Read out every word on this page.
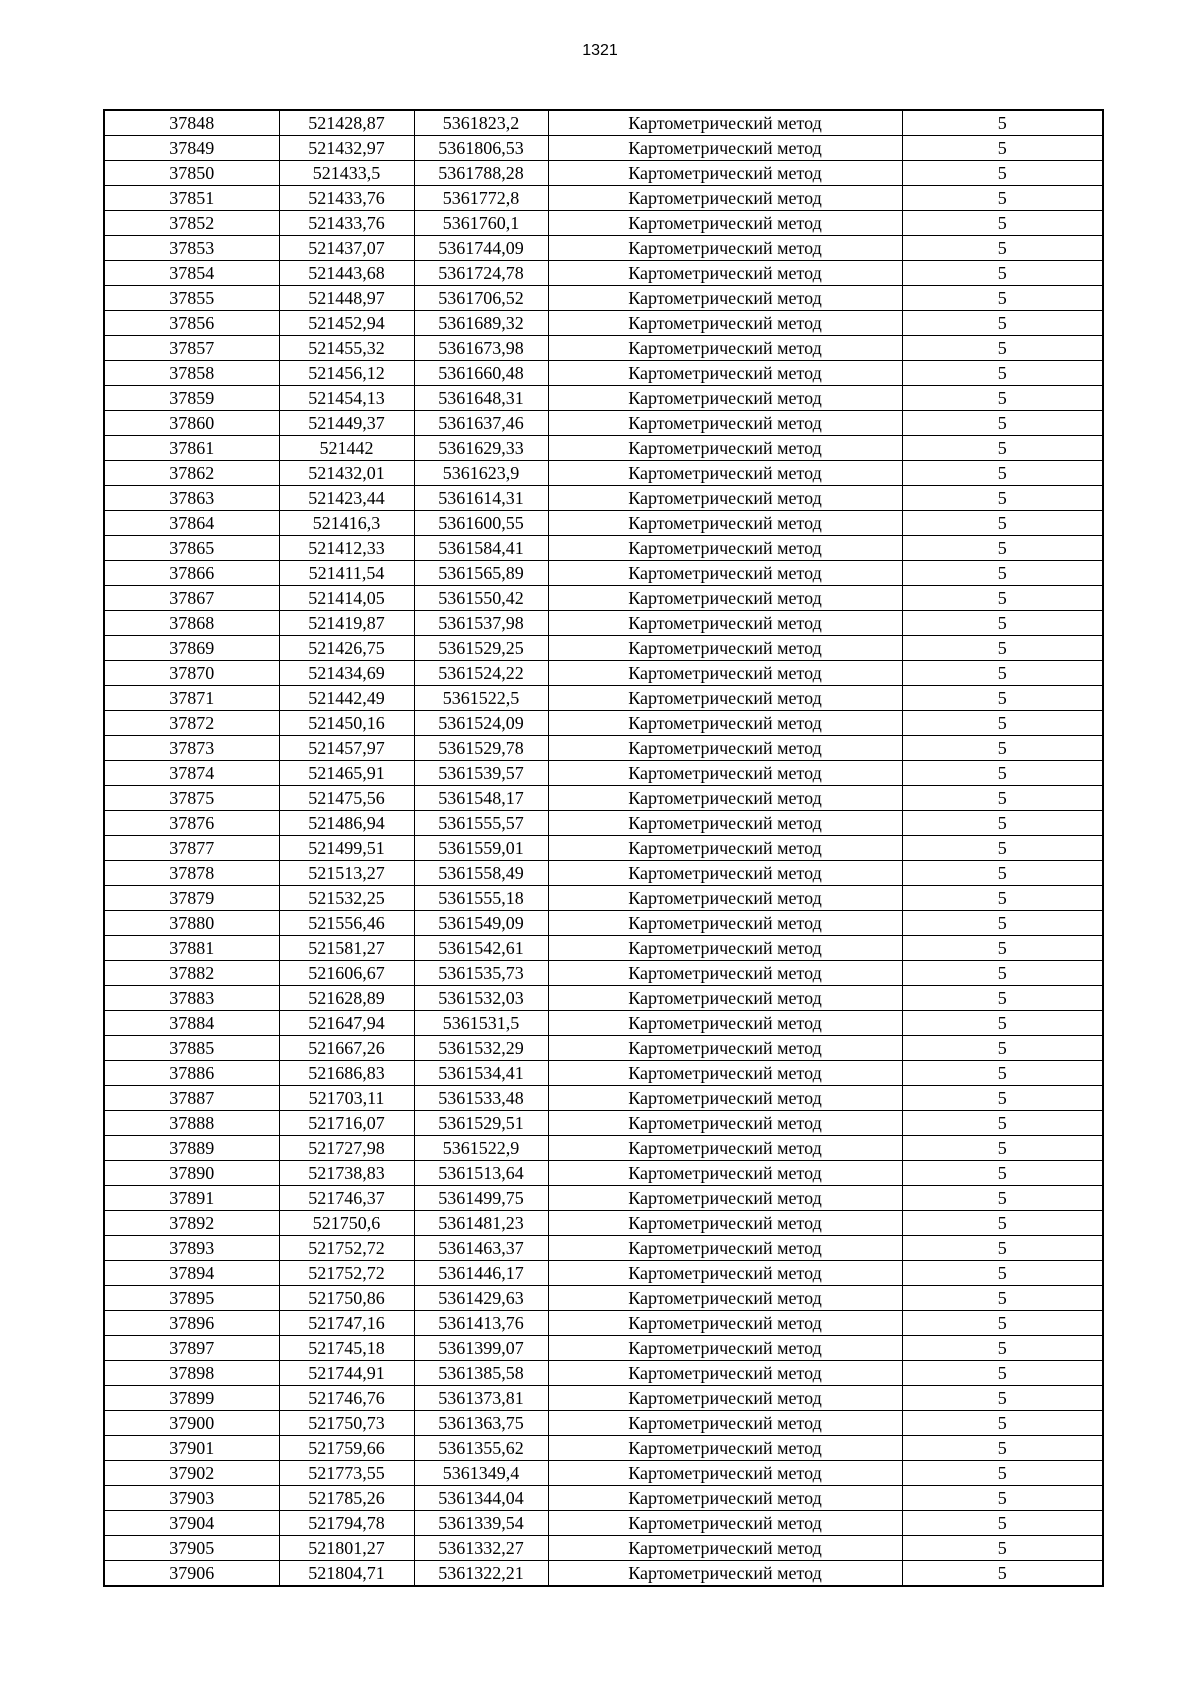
1321
37848	521428,87	5361823,2	Картометрический метод	5
37849	521432,97	5361806,53	Картометрический метод	5
37850	521433,5	5361788,28	Картометрический метод	5
37851	521433,76	5361772,8	Картометрический метод	5
37852	521433,76	5361760,1	Картометрический метод	5
37853	521437,07	5361744,09	Картометрический метод	5
37854	521443,68	5361724,78	Картометрический метод	5
37855	521448,97	5361706,52	Картометрический метод	5
37856	521452,94	5361689,32	Картометрический метод	5
37857	521455,32	5361673,98	Картометрический метод	5
37858	521456,12	5361660,48	Картометрический метод	5
37859	521454,13	5361648,31	Картометрический метод	5
37860	521449,37	5361637,46	Картометрический метод	5
37861	521442	5361629,33	Картометрический метод	5
37862	521432,01	5361623,9	Картометрический метод	5
37863	521423,44	5361614,31	Картометрический метод	5
37864	521416,3	5361600,55	Картометрический метод	5
37865	521412,33	5361584,41	Картометрический метод	5
37866	521411,54	5361565,89	Картометрический метод	5
37867	521414,05	5361550,42	Картометрический метод	5
37868	521419,87	5361537,98	Картометрический метод	5
37869	521426,75	5361529,25	Картометрический метод	5
37870	521434,69	5361524,22	Картометрический метод	5
37871	521442,49	5361522,5	Картометрический метод	5
37872	521450,16	5361524,09	Картометрический метод	5
37873	521457,97	5361529,78	Картометрический метод	5
37874	521465,91	5361539,57	Картометрический метод	5
37875	521475,56	5361548,17	Картометрический метод	5
37876	521486,94	5361555,57	Картометрический метод	5
37877	521499,51	5361559,01	Картометрический метод	5
37878	521513,27	5361558,49	Картометрический метод	5
37879	521532,25	5361555,18	Картометрический метод	5
37880	521556,46	5361549,09	Картометрический метод	5
37881	521581,27	5361542,61	Картометрический метод	5
37882	521606,67	5361535,73	Картометрический метод	5
37883	521628,89	5361532,03	Картометрический метод	5
37884	521647,94	5361531,5	Картометрический метод	5
37885	521667,26	5361532,29	Картометрический метод	5
37886	521686,83	5361534,41	Картометрический метод	5
37887	521703,11	5361533,48	Картометрический метод	5
37888	521716,07	5361529,51	Картометрический метод	5
37889	521727,98	5361522,9	Картометрический метод	5
37890	521738,83	5361513,64	Картометрический метод	5
37891	521746,37	5361499,75	Картометрический метод	5
37892	521750,6	5361481,23	Картометрический метод	5
37893	521752,72	5361463,37	Картометрический метод	5
37894	521752,72	5361446,17	Картометрический метод	5
37895	521750,86	5361429,63	Картометрический метод	5
37896	521747,16	5361413,76	Картометрический метод	5
37897	521745,18	5361399,07	Картометрический метод	5
37898	521744,91	5361385,58	Картометрический метод	5
37899	521746,76	5361373,81	Картометрический метод	5
37900	521750,73	5361363,75	Картометрический метод	5
37901	521759,66	5361355,62	Картометрический метод	5
37902	521773,55	5361349,4	Картометрический метод	5
37903	521785,26	5361344,04	Картометрический метод	5
37904	521794,78	5361339,54	Картометрический метод	5
37905	521801,27	5361332,27	Картометрический метод	5
37906	521804,71	5361322,21	Картометрический метод	5
